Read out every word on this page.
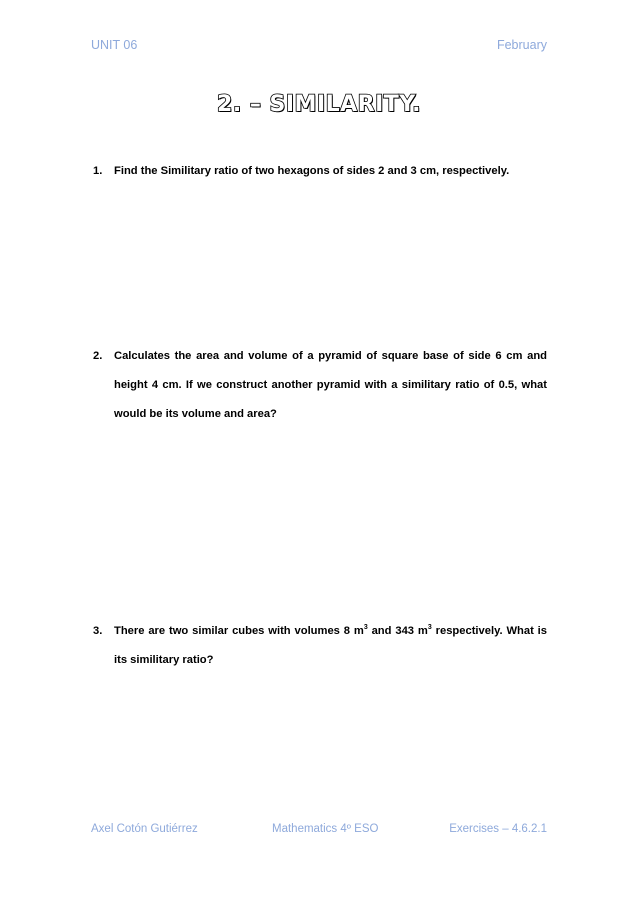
UNIT 06	February
2. – SIMILARITY.
1. Find the Similitary ratio of two hexagons of sides 2 and 3 cm, respectively.
2. Calculates the area and volume of a pyramid of square base of side 6 cm and height 4 cm. If we construct another pyramid with a similitary ratio of 0.5, what would be its volume and area?
3. There are two similar cubes with volumes 8 $m^3$ and 343 $m^3$ respectively. What is its similitary ratio?
Axel Cotón Gutiérrez	Mathematics 4º ESO	Exercises – 4.6.2.1
